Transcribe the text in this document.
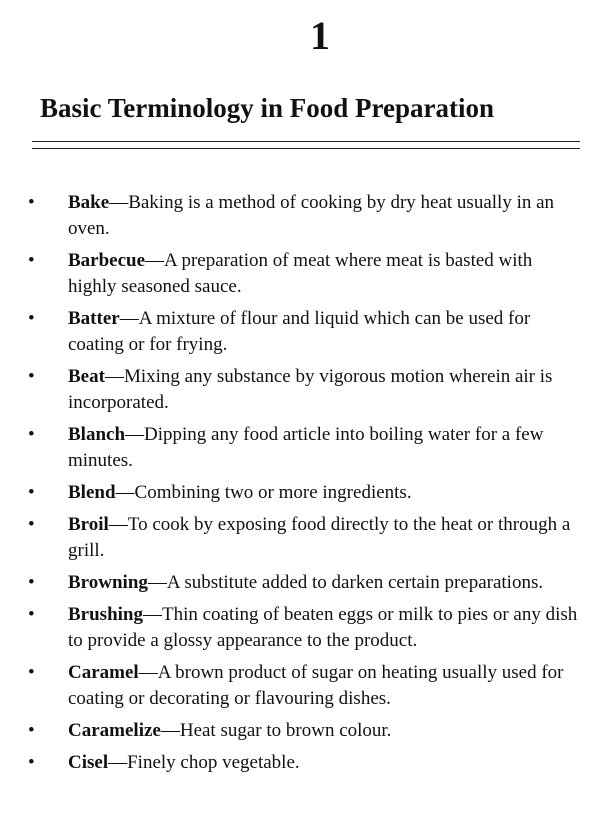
1
Basic Terminology in Food Preparation
• Bake—Baking is a method of cooking by dry heat usually in an oven.
• Barbecue—A preparation of meat where meat is basted with highly seasoned sauce.
• Batter—A mixture of flour and liquid which can be used for coating or for frying.
• Beat—Mixing any substance by vigorous motion wherein air is incorporated.
• Blanch—Dipping any food article into boiling water for a few minutes.
• Blend—Combining two or more ingredients.
• Broil—To cook by exposing food directly to the heat or through a grill.
• Browning—A substitute added to darken certain preparations.
• Brushing—Thin coating of beaten eggs or milk to pies or any dish to provide a glossy appearance to the product.
• Caramel—A brown product of sugar on heating usually used for coating or decorating or flavouring dishes.
• Caramelize—Heat sugar to brown colour.
• Cisel—Finely chop vegetable.
